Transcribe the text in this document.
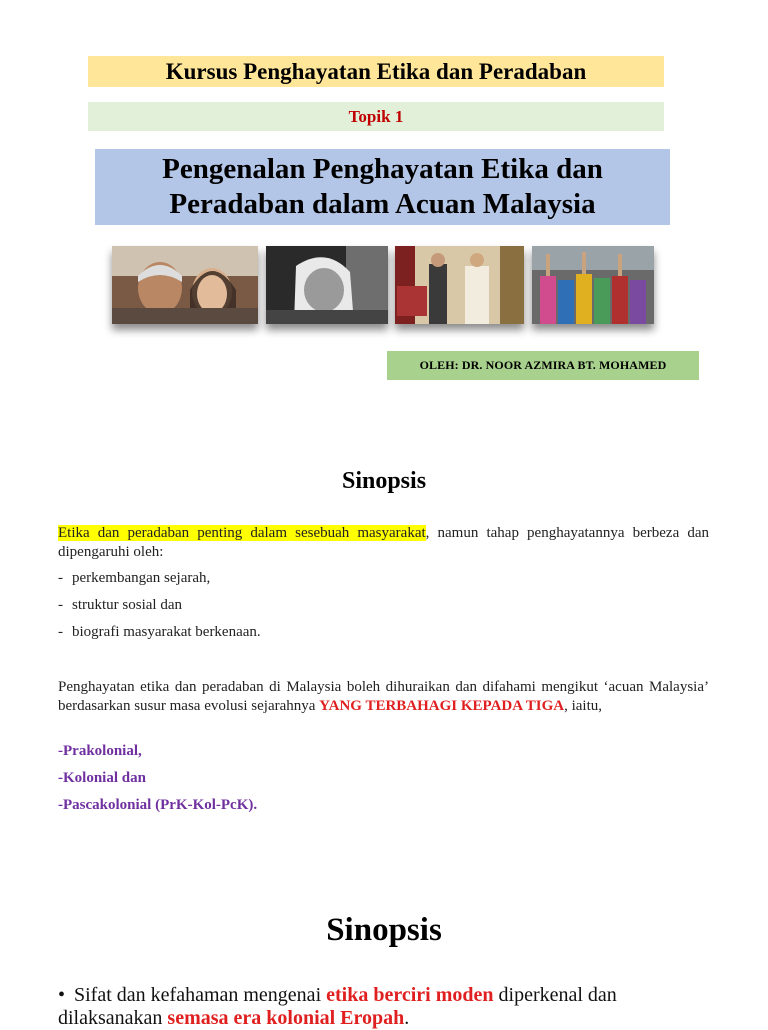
Kursus Penghayatan Etika dan Peradaban
Topik 1
Pengenalan Penghayatan Etika dan
Peradaban dalam Acuan Malaysia
OLEH: DR. NOOR AZMIRA BT. MOHAMED
Sinopsis
Etika dan peradaban penting dalam sesebuah masyarakat, namun tahap penghayatannya berbeza dan dipengaruhi oleh:
- perkembangan sejarah,
- struktur sosial dan
- biografi masyarakat berkenaan.
Penghayatan etika dan peradaban di Malaysia boleh dihuraikan dan difahami mengikut ‘acuan Malaysia’ berdasarkan susur masa evolusi sejarahnya YANG TERBAHAGI KEPADA TIGA, iaitu,
-Prakolonial,
-Kolonial dan
-Pascakolonial (PrK-Kol-PcK).
Sinopsis
• Sifat dan kefahaman mengenai etika berciri moden diperkenal dan dilaksanakan semasa era kolonial Eropah.
